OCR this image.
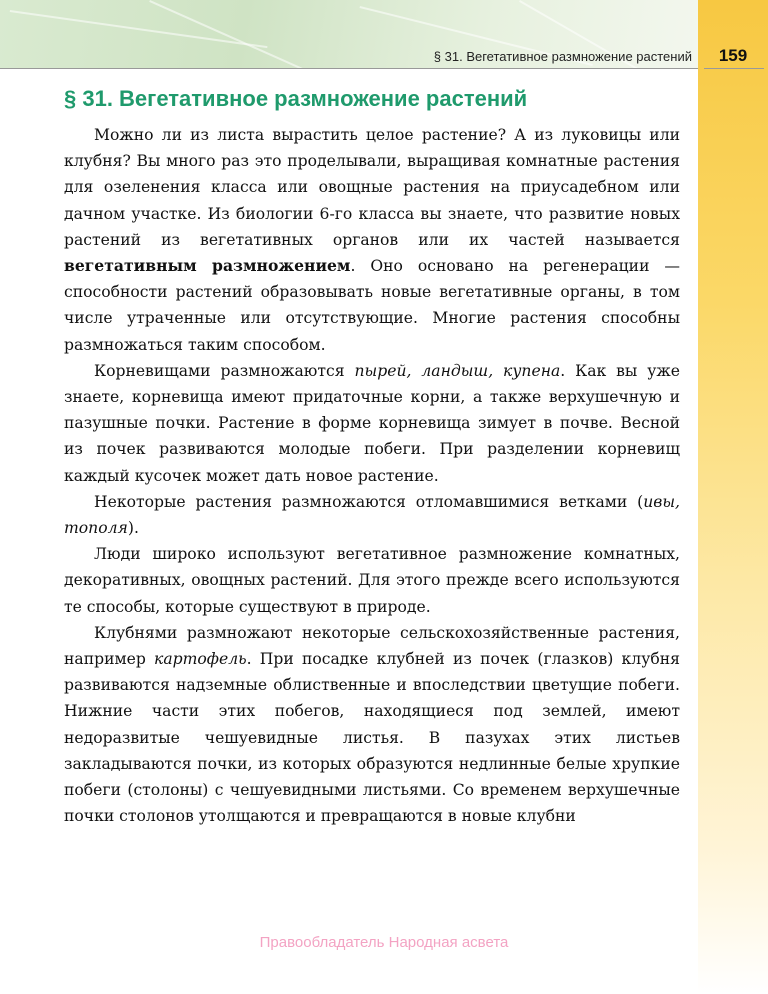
§ 31. Вегетативное размножение растений	159
§ 31. Вегетативное размножение растений

Можно ли из листа вырастить целое растение? А из луковицы или клубня? Вы много раз это проделывали, выращивая комнатные растения для озеленения класса или овощные растения на приусадебном или дачном участке. Из биологии 6-го класса вы знаете, что развитие новых растений из вегетативных органов или их частей называется вегетативным размножением. Оно основано на регенерации — способности растений образовывать новые вегетативные органы, в том числе утраченные или отсутствующие. Многие растения способны размножаться таким способом.

Корневищами размножаются пырей, ландыш, купена. Как вы уже знаете, корневища имеют придаточные корни, а также верхушечную и пазушные почки. Растение в форме корневища зимует в почве. Весной из почек развиваются молодые побеги. При разделении корневищ каждый кусочек может дать новое растение.

Некоторые растения размножаются отломавшимися ветками (ивы, тополя).

Люди широко используют вегетативное размножение комнатных, декоративных, овощных растений. Для этого прежде всего используются те способы, которые существуют в природе.

Клубнями размножают некоторые сельскохозяйственные растения, например картофель. При посадке клубней из почек (глазков) клубня развиваются надземные облиственные и впоследствии цветущие побеги. Нижние части этих побегов, находящиеся под землей, имеют недоразвитые чешуевидные листья. В пазухах этих листьев закладываются почки, из которых образуются недлинные белые хрупкие побеги (столоны) с чешуевидными листьями. Со временем верхушечные почки столонов утолщаются и превращаются в новые клубни

Правообладатель Народная асвета
